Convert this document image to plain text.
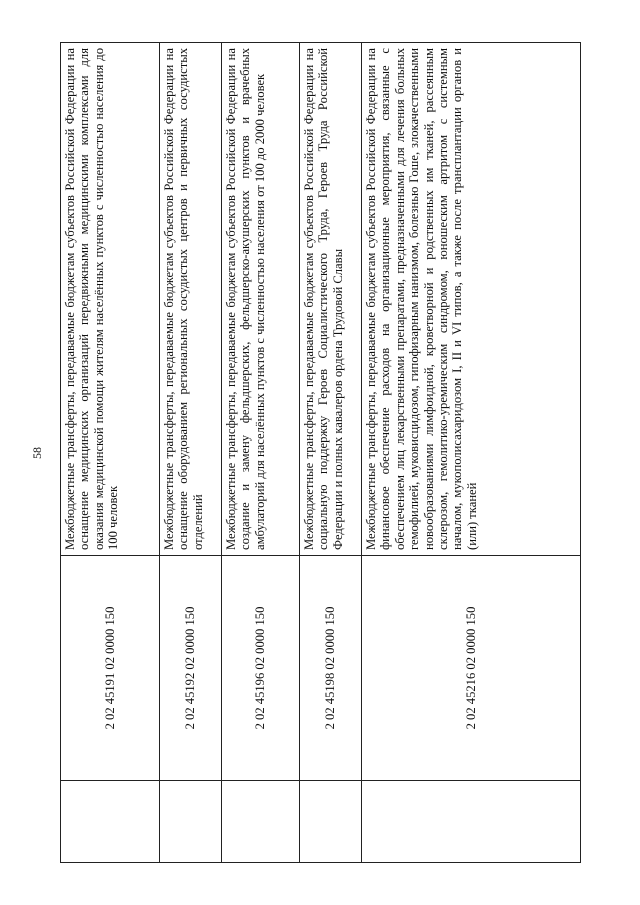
58
	2 02 45191 02 0000 150	Межбюджетные трансферты, передаваемые бюджетам субъектов Российской Федерации на оснащение медицинских организаций передвижными медицинскими комплексами для оказания медицинской помощи жителям населённых пунктов с численностью населения до 100 человек
	2 02 45192 02 0000 150	Межбюджетные трансферты, передаваемые бюджетам субъектов Российской Федерации на оснащение оборудованием региональных сосудистых центров и первичных сосудистых отделений
	2 02 45196 02 0000 150	Межбюджетные трансферты, передаваемые бюджетам субъектов Российской Федерации на создание и замену фельдшерских, фельдшерско-акушерских пунктов и врачебных амбулаторий для населённых пунктов с численностью населения от 100 до 2000 человек
	2 02 45198 02 0000 150	Межбюджетные трансферты, передаваемые бюджетам субъектов Российской Федерации на социальную поддержку Героев Социалистического Труда, Героев Труда Российской Федерации и полных кавалеров ордена Трудовой Славы
	2 02 45216 02 0000 150	Межбюджетные трансферты, передаваемые бюджетам субъектов Российской Федерации на финансовое обеспечение расходов на организационные мероприятия, связанные с обеспечением лиц лекарственными препаратами, предназначенными для лечения больных гемофилией, муковисцидозом, гипофизарным нанизмом, болезнью Гоше, злокачественными новообразованиями лимфоидной, кроветворной и родственных им тканей, рассеянным склерозом, гемолитико-уремическим синдромом, юношеским артритом с системным началом, мукополисахаридозом I, II и VI типов, а также после трансплантации органов и (или) тканей
